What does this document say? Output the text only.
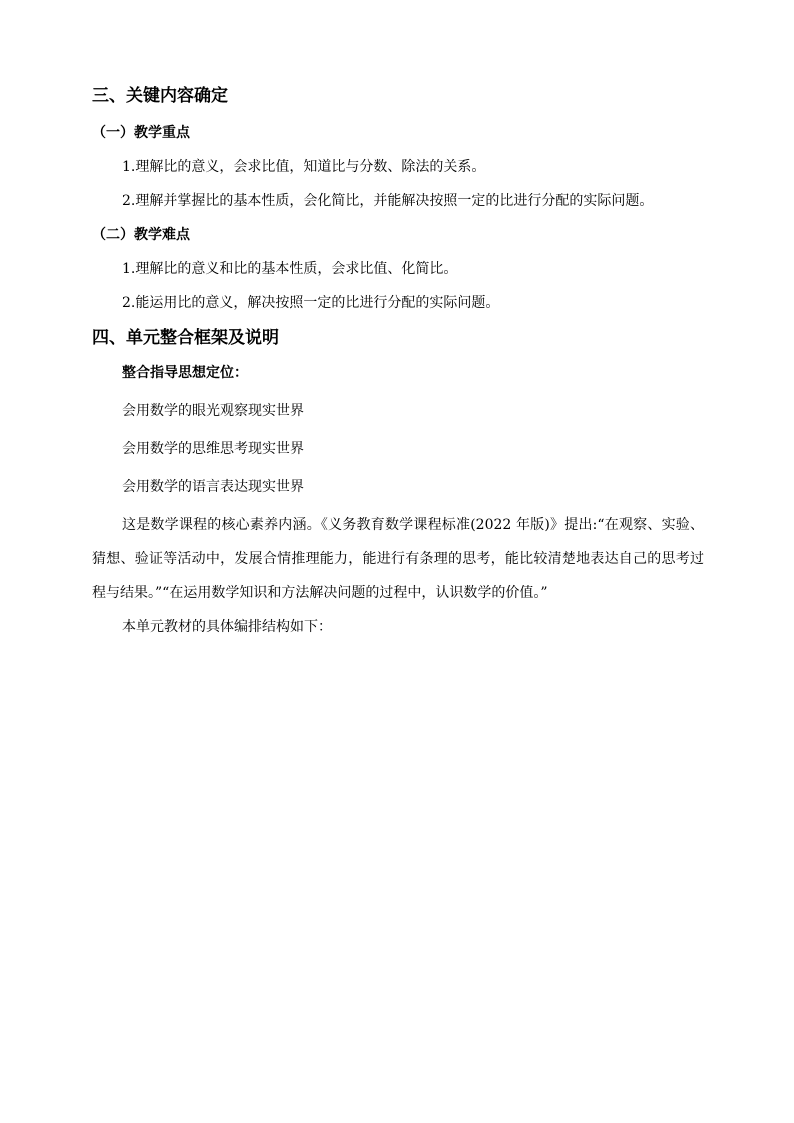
三、关键内容确定
（一）教学重点

1.理解比的意义，会求比值，知道比与分数、除法的关系。

2.理解并掌握比的基本性质，会化简比，并能解决按照一定的比进行分配的实际问题。

（二）教学难点

1.理解比的意义和比的基本性质，会求比值、化简比。

2.能运用比的意义，解决按照一定的比进行分配的实际问题。

四、单元整合框架及说明

整合指导思想定位：

会用数学的眼光观察现实世界

会用数学的思维思考现实世界

会用数学的语言表达现实世界

这是数学课程的核心素养内涵。《义务教育数学课程标准(2022 年版)》提出:“在观察、实验、猜想、验证等活动中，发展合情推理能力，能进行有条理的思考，能比较清楚地表达自己的思考过程与结果。”“在运用数学知识和方法解决问题的过程中，认识数学的价值。”

本单元教材的具体编排结构如下：
